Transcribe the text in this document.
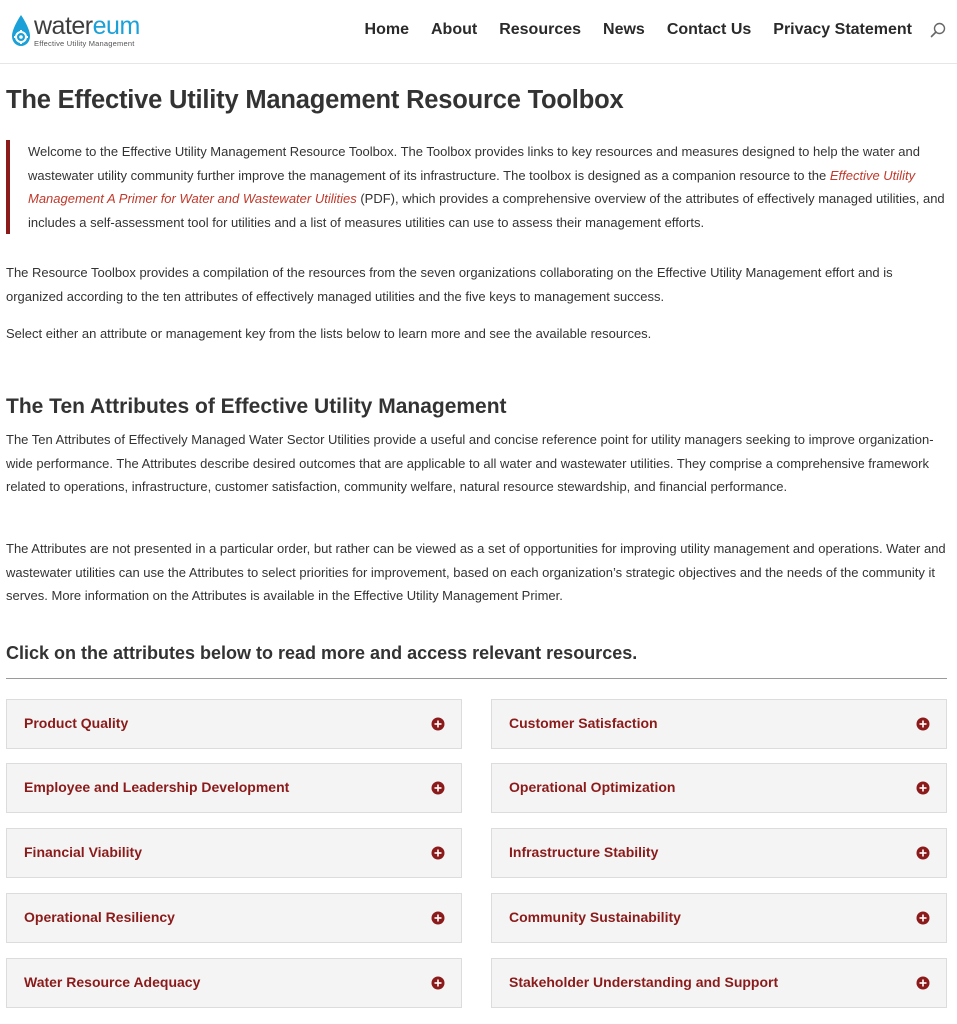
watereum
Effective Utility Management
Home About Resources News Contact Us Privacy Statement
The Effective Utility Management Resource Toolbox

Welcome to the Effective Utility Management Resource Toolbox. The Toolbox provides links to key resources and measures designed to help the water and wastewater utility community further improve the management of its infrastructure. The toolbox is designed as a companion resource to the Effective Utility Management A Primer for Water and Wastewater Utilities (PDF), which provides a comprehensive overview of the attributes of effectively managed utilities, and includes a self-assessment tool for utilities and a list of measures utilities can use to assess their management efforts.

The Resource Toolbox provides a compilation of the resources from the seven organizations collaborating on the Effective Utility Management effort and is organized according to the ten attributes of effectively managed utilities and the five keys to management success.

Select either an attribute or management key from the lists below to learn more and see the available resources.

The Ten Attributes of Effective Utility Management

The Ten Attributes of Effectively Managed Water Sector Utilities provide a useful and concise reference point for utility managers seeking to improve organization-wide performance. The Attributes describe desired outcomes that are applicable to all water and wastewater utilities. They comprise a comprehensive framework related to operations, infrastructure, customer satisfaction, community welfare, natural resource stewardship, and financial performance.

The Attributes are not presented in a particular order, but rather can be viewed as a set of opportunities for improving utility management and operations. Water and wastewater utilities can use the Attributes to select priorities for improvement, based on each organization’s strategic objectives and the needs of the community it serves. More information on the Attributes is available in the Effective Utility Management Primer.

Click on the attributes below to read more and access relevant resources.
Product Quality	Customer Satisfaction
Employee and Leadership Development	Operational Optimization
Financial Viability	Infrastructure Stability
Operational Resiliency	Community Sustainability
Water Resource Adequacy	Stakeholder Understanding and Support
